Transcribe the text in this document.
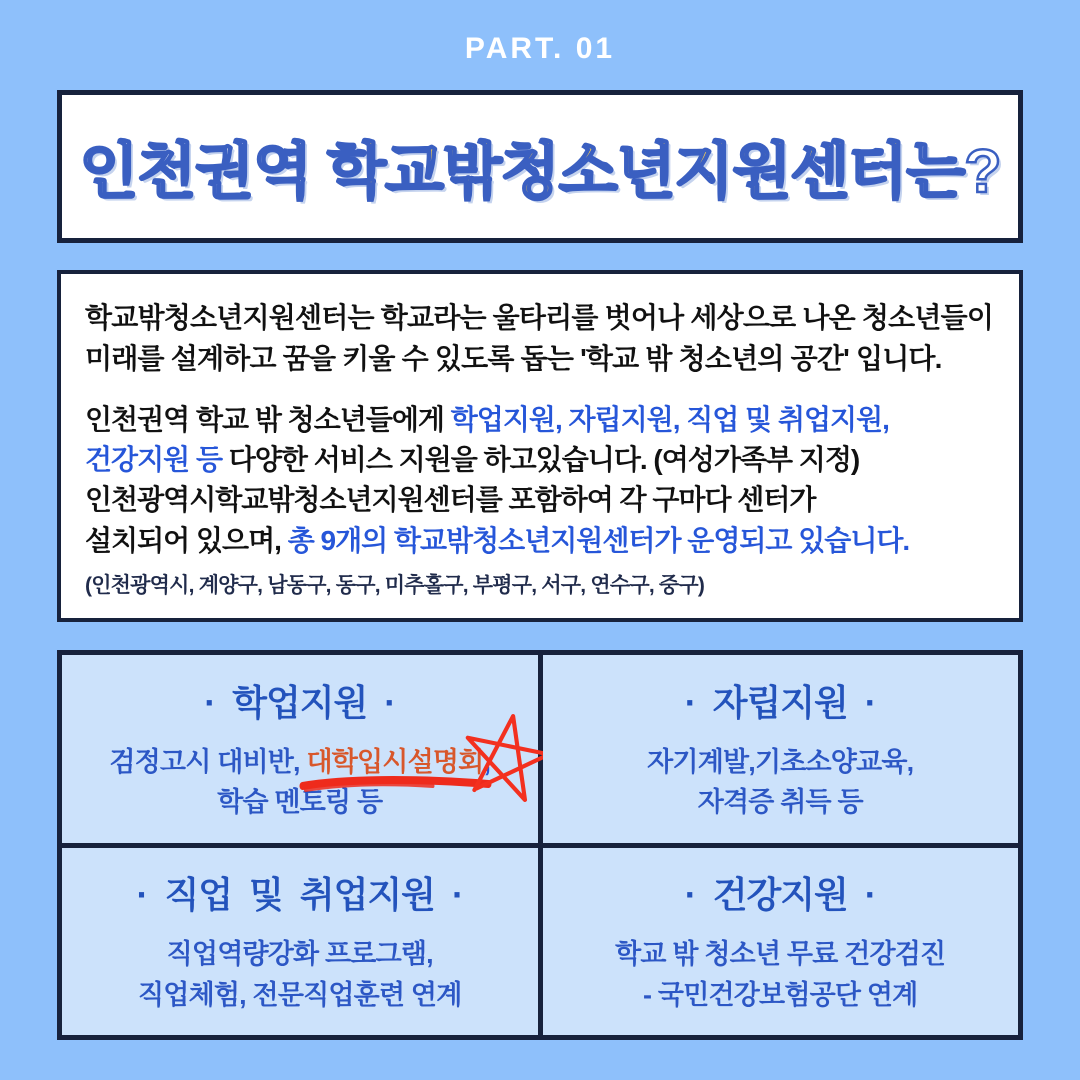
PART. 01
인천권역 학교밖청소년지원센터는?

학교밖청소년지원센터는 학교라는 울타리를 벗어나 세상으로 나온 청소년들이 미래를 설계하고 꿈을 키울 수 있도록 돕는 '학교 밖 청소년의 공간' 입니다.

인천권역 학교 밖 청소년들에게 학업지원, 자립지원, 직업 및 취업지원,
건강지원 등 다양한 서비스 지원을 하고있습니다. (여성가족부 지정)
인천광역시학교밖청소년지원센터를 포함하여 각 구마다 센터가
설치되어 있으며, 총 9개의 학교밖청소년지원센터가 운영되고 있습니다.

(인천광역시, 계양구, 남동구, 동구, 미추홀구, 부평구, 서구, 연수구, 중구)

· 학업지원 ·
검정고시 대비반, 대학입시설명회
,
학습 멘토링 등
· 자립지원 ·
자기계발,기초소양교육,
자격증 취득 등
· 직업 및 취업지원 ·
직업역량강화 프로그램,
직업체험, 전문직업훈련 연계
· 건강지원 ·
학교 밖 청소년 무료 건강검진
- 국민건강보험공단 연계
